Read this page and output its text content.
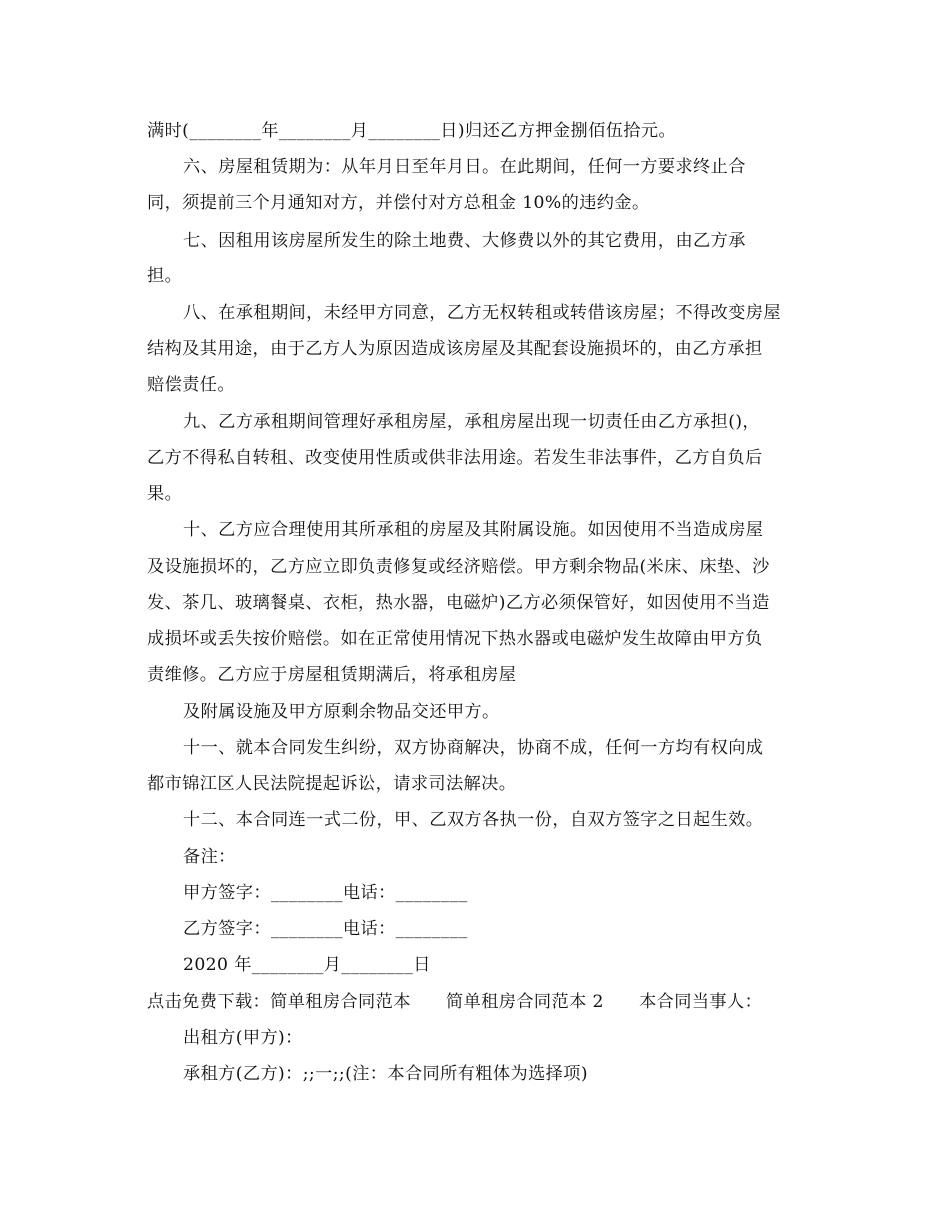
满时(________年________月________日)归还乙方押金捌佰伍拾元。
六、房屋租赁期为：从年月日至年月日。在此期间，任何一方要求终止合
同，须提前三个月通知对方，并偿付对方总租金 10%的违约金。
七、因租用该房屋所发生的除土地费、大修费以外的其它费用，由乙方承
担。
八、在承租期间，未经甲方同意，乙方无权转租或转借该房屋；不得改变房屋
结构及其用途，由于乙方人为原因造成该房屋及其配套设施损坏的，由乙方承担
赔偿责任。
九、乙方承租期间管理好承租房屋，承租房屋出现一切责任由乙方承担()，
乙方不得私自转租、改变使用性质或供非法用途。若发生非法事件，乙方自负后
果。
十、乙方应合理使用其所承租的房屋及其附属设施。如因使用不当造成房屋
及设施损坏的，乙方应立即负责修复或经济赔偿。甲方剩余物品(米床、床垫、沙
发、茶几、玻璃餐桌、衣柜，热水器，电磁炉)乙方必须保管好，如因使用不当造
成损坏或丢失按价赔偿。如在正常使用情况下热水器或电磁炉发生故障由甲方负
责维修。乙方应于房屋租赁期满后，将承租房屋
及附属设施及甲方原剩余物品交还甲方。
十一、就本合同发生纠纷，双方协商解决，协商不成，任何一方均有权向成
都市锦江区人民法院提起诉讼，请求司法解决。
十二、本合同连一式二份，甲、乙双方各执一份，自双方签字之日起生效。
备注：
甲方签字：________电话：________
乙方签字：________电话：________
2020 年________月________日
点击免费下载：简单租房合同范本　　简单租房合同范本 2　　本合同当事人：
出租方(甲方)：
承租方(乙方)：;;一;;(注：本合同所有粗体为选择项)
